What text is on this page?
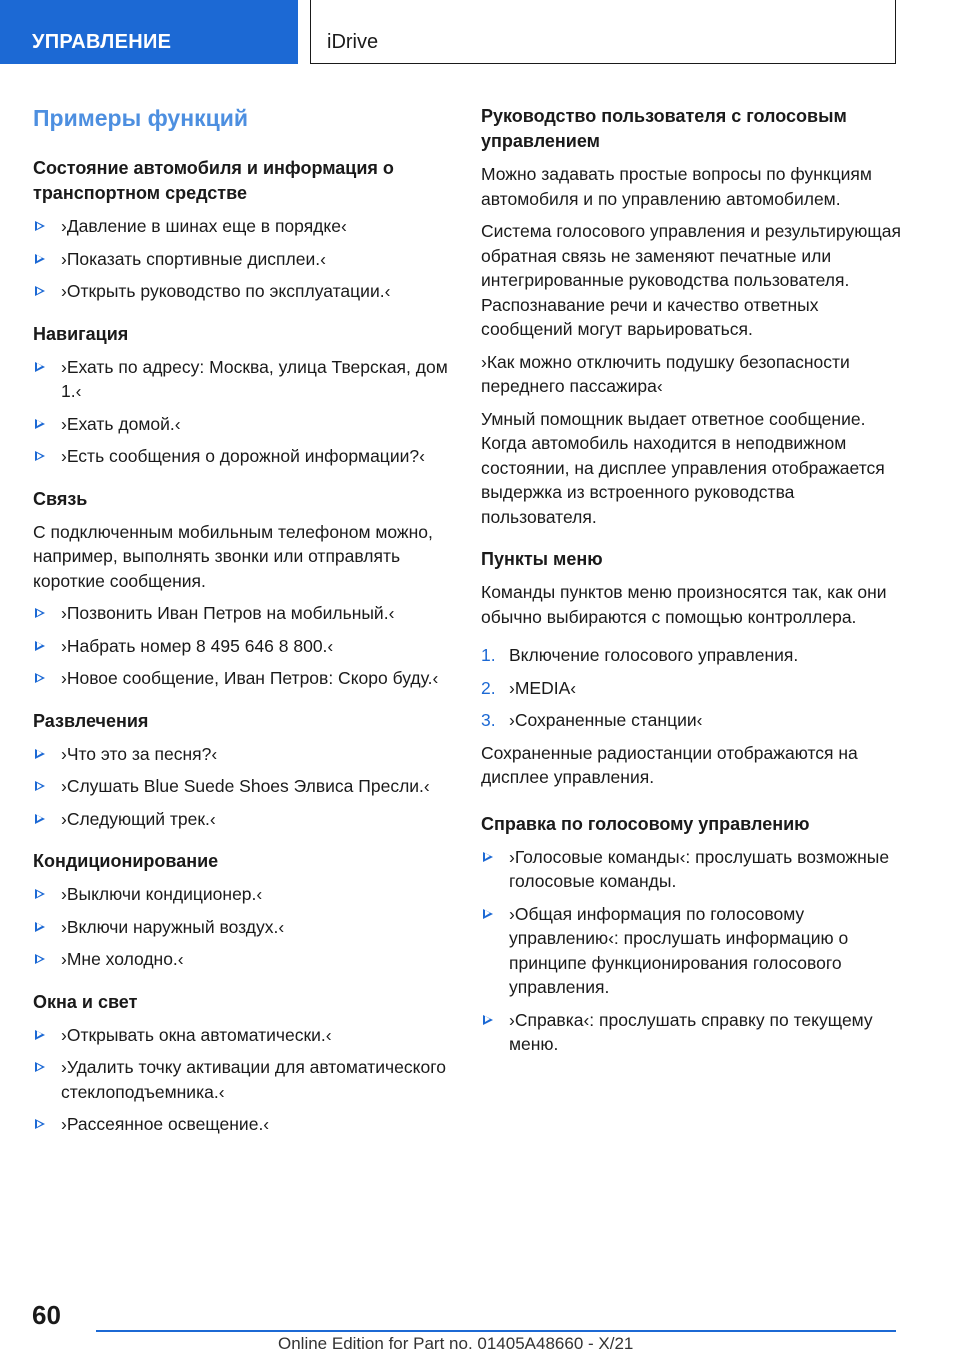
УПРАВЛЕНИЕ	iDrive
Примеры функций
Состояние автомобиля и информация о транспортном средстве
›Давление в шинах еще в порядке‹
›Показать спортивные дисплеи.‹
›Открыть руководство по эксплуатации.‹
Навигация
›Ехать по адресу: Москва, улица Тверская, дом 1.‹
›Ехать домой.‹
›Есть сообщения о дорожной информации?‹
Связь
С подключенным мобильным телефоном можно, например, выполнять звонки или отправлять короткие сообщения.
›Позвонить Иван Петров на мобильный.‹
›Набрать номер 8 495 646 8 800.‹
›Новое сообщение, Иван Петров: Скоро буду.‹
Развлечения
›Что это за песня?‹
›Слушать Blue Suede Shoes Элвиса Пресли.‹
›Следующий трек.‹
Кондиционирование
›Выключи кондиционер.‹
›Включи наружный воздух.‹
›Мне холодно.‹
Окна и свет
›Открывать окна автоматически.‹
›Удалить точку активации для автоматического стеклоподъемника.‹
›Рассеянное освещение.‹
Руководство пользователя с голосовым управлением
Можно задавать простые вопросы по функциям автомобиля и по управлению автомобилем.
Система голосового управления и результирующая обратная связь не заменяют печатные или интегрированные руководства пользователя. Распознавание речи и качество ответных сообщений могут варьироваться.
›Как можно отключить подушку безопасности переднего пассажира‹
Умный помощник выдает ответное сообщение. Когда автомобиль находится в неподвижном состоянии, на дисплее управления отображается выдержка из встроенного руководства пользователя.
Пункты меню
Команды пунктов меню произносятся так, как они обычно выбираются с помощью контроллера.
1. Включение голосового управления.
2. ›MEDIA‹
3. ›Сохраненные станции‹
Сохраненные радиостанции отображаются на дисплее управления.
Справка по голосовому управлению
›Голосовые команды‹: прослушать возможные голосовые команды.
›Общая информация по голосовому управлению‹: прослушать информацию о принципе функционирования голосового управления.
›Справка‹: прослушать справку по текущему меню.
60
Online Edition for Part no. 01405A48660 - X/21
